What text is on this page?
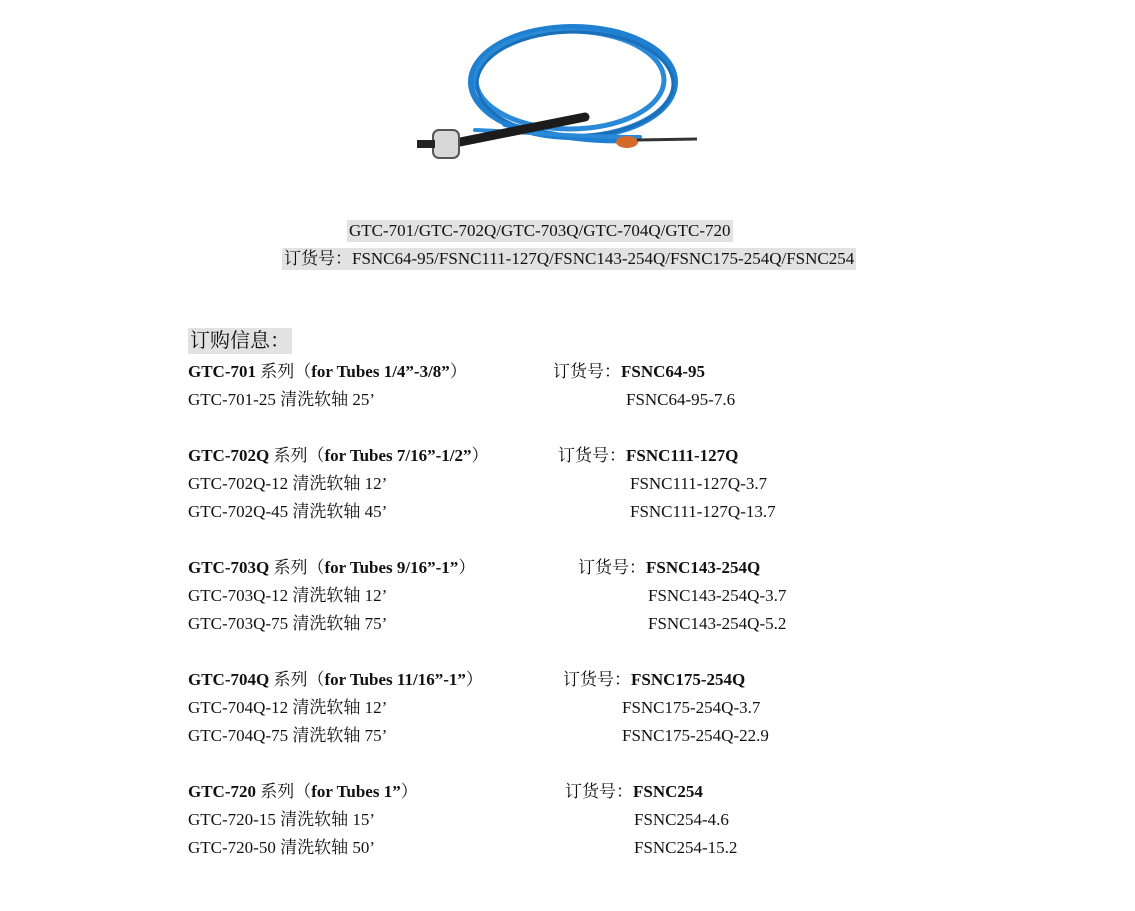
GTC-701/GTC-702Q/GTC-703Q/GTC-704Q/GTC-720
订货号：FSNC64-95/FSNC111-127Q/FSNC143-254Q/FSNC175-254Q/FSNC254
订购信息：
GTC-701 系列（for Tubes 1/4”-3/8”）	订货号：FSNC64-95
GTC-701-25 清洗软轴 25’	FSNC64-95-7.6
GTC-702Q 系列（for Tubes 7/16”-1/2”）	订货号：FSNC111-127Q
GTC-702Q-12 清洗软轴 12’	FSNC111-127Q-3.7
GTC-702Q-45 清洗软轴 45’	FSNC111-127Q-13.7
GTC-703Q 系列（for Tubes 9/16”-1”）	订货号：FSNC143-254Q
GTC-703Q-12 清洗软轴 12’	FSNC143-254Q-3.7
GTC-703Q-75 清洗软轴 75’	FSNC143-254Q-5.2
GTC-704Q 系列（for Tubes 11/16”-1”）	订货号：FSNC175-254Q
GTC-704Q-12 清洗软轴 12’	FSNC175-254Q-3.7
GTC-704Q-75 清洗软轴 75’	FSNC175-254Q-22.9
GTC-720 系列（for Tubes 1”）	订货号：FSNC254
GTC-720-15 清洗软轴 15’	FSNC254-4.6
GTC-720-50 清洗软轴 50’	FSNC254-15.2
